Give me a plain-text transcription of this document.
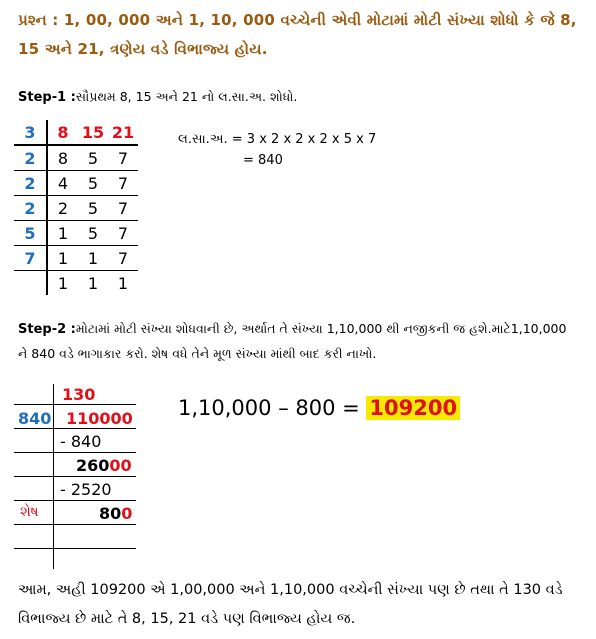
પ્રશ્ન : 1, 00, 000 અને 1, 10, 000 વચ્ચેની એવી મોટામાં મોટી સંખ્યા શોધો કે જે 8, 15 અને 21, ત્રણેય વડે વિભાજ્ય હોય.
Step-1 :સૌપ્રથમ 8, 15 અને 21 નો લ.સા.અ. શોધો.
3	8	15	21
2	8	5	7
2	4	5	7
2	2	5	7
5	1	5	7
7	1	1	7
	1	1	1
લ.સા.અ. = 3 x 2 x 2 x 2 x 5 x 7
= 840
Step-2 :મોટામાં મોટી સંખ્યા શોધવાની છે, અર્થાત તે સંખ્યા 1,10,000 થી નજીકની જ હશે.માટે1,10,000
ને 840 વડે ભાગાકાર કરો. શેષ વધે તેને મૂળ સંખ્યા માંથી બાદ કરી નાખો.
130
840 110000
- 840
26000
- 2520
શેષ	800
1,10,000 – 800 = 109200
આમ, અહી 109200 એ 1,00,000 અને 1,10,000 વચ્ચેની સંખ્યા પણ છે તથા તે 130 વડે વિભાજ્ય છે માટે તે 8, 15, 21 વડે પણ વિભાજ્ય હોય જ.
